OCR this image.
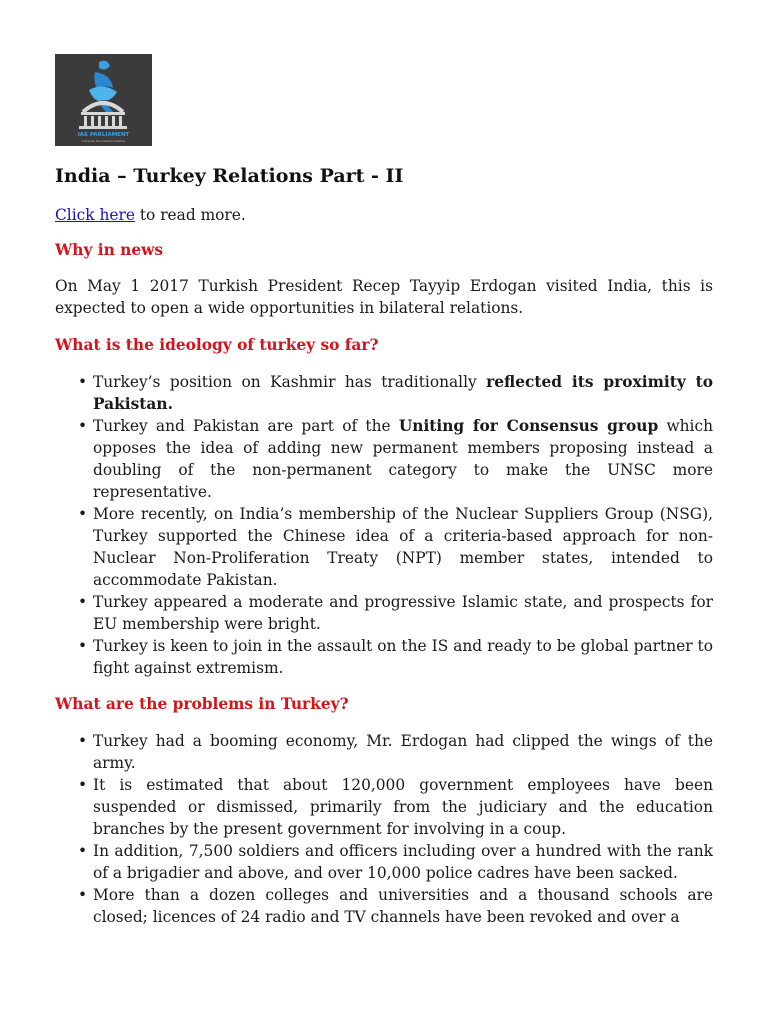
IAS PARLIAMENT
A Shankar IAS Academy Initiative
India – Turkey Relations Part - II

Click here to read more.

Why in news

On May 1 2017 Turkish President Recep Tayyip Erdogan visited India, this is expected to open a wide opportunities in bilateral relations.

What is the ideology of turkey so far?
• Turkey’s position on Kashmir has traditionally reflected its proximity to Pakistan.
• Turkey and Pakistan are part of the Uniting for Consensus group which opposes the idea of adding new permanent members proposing instead a doubling of the non-permanent category to make the UNSC more representative.
• More recently, on India’s membership of the Nuclear Suppliers Group (NSG), Turkey supported the Chinese idea of a criteria-based approach for non-Nuclear Non-Proliferation Treaty (NPT) member states, intended to accommodate Pakistan.
• Turkey appeared a moderate and progressive Islamic state, and prospects for EU membership were bright.
• Turkey is keen to join in the assault on the IS and ready to be global partner to fight against extremism.
What are the problems in Turkey?
• Turkey had a booming economy, Mr. Erdogan had clipped the wings of the army.
• It is estimated that about 120,000 government employees have been suspended or dismissed, primarily from the judiciary and the education branches by the present government for involving in a coup.
• In addition, 7,500 soldiers and officers including over a hundred with the rank of a brigadier and above, and over 10,000 police cadres have been sacked.
• More than a dozen colleges and universities and a thousand schools are closed; licences of 24 radio and TV channels have been revoked and over a
